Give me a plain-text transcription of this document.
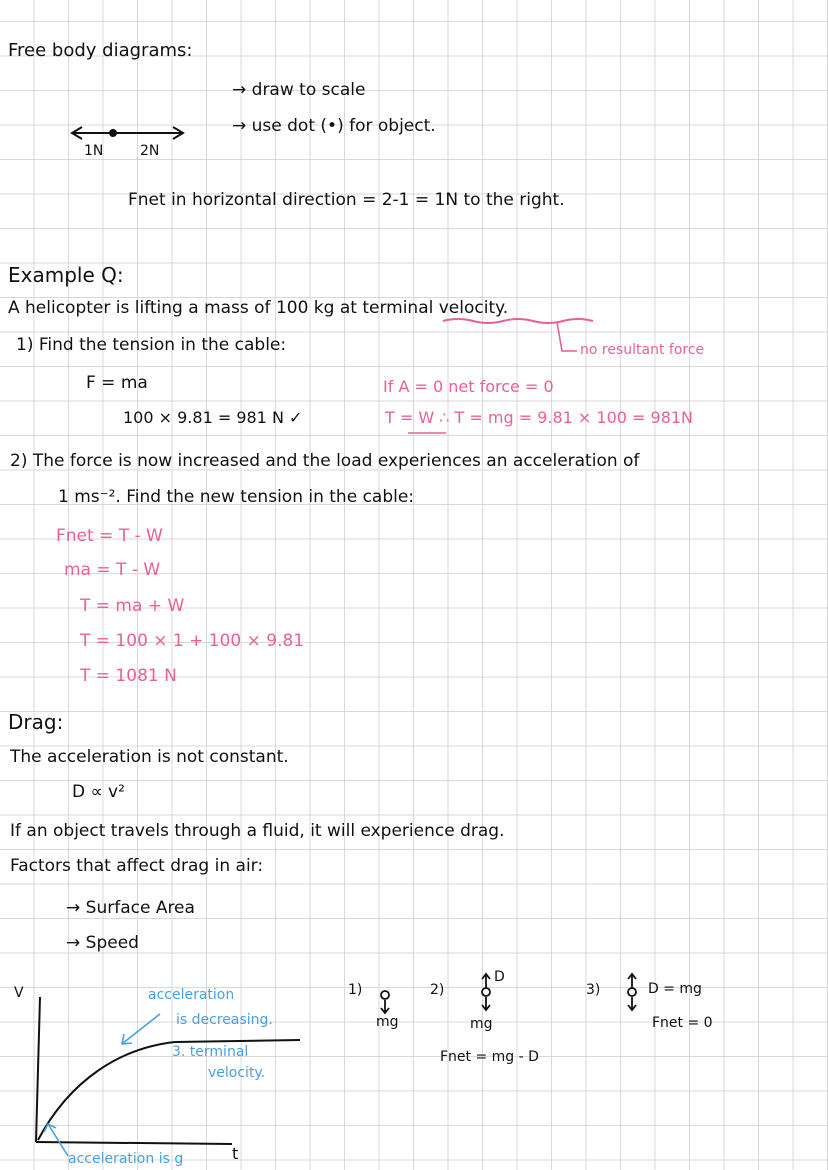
Free body diagrams:
→ draw to scale
→ use dot (•) for object.
1N	2N
Fnet in horizontal direction = 2-1 = 1N to the right.
Example Q:
A helicopter is lifting a mass of 100 kg at terminal velocity.
1) Find the tension in the cable:	no resultant force
F = ma	If A = 0 net force = 0
100 × 9.81 = 981 N ✓	T = W ∴ T = mg = 9.81 × 100 = 981N
2) The force is now increased and the load experiences an acceleration of
1 ms⁻². Find the new tension in the cable:
Fnet = T - W
ma = T - W
T = ma + W
T = 100 × 1 + 100 × 9.81
T = 1081 N
Drag:
The acceleration is not constant.
D ∝ v²
If an object travels through a fluid, it will experience drag.
Factors that affect drag in air:
→ Surface Area
→ Speed
V
t
acceleration
is decreasing.
3. terminal
velocity.
acceleration is g
1)
mg
2)
D
mg
Fnet = mg - D
3)	D = mg
Fnet = 0
